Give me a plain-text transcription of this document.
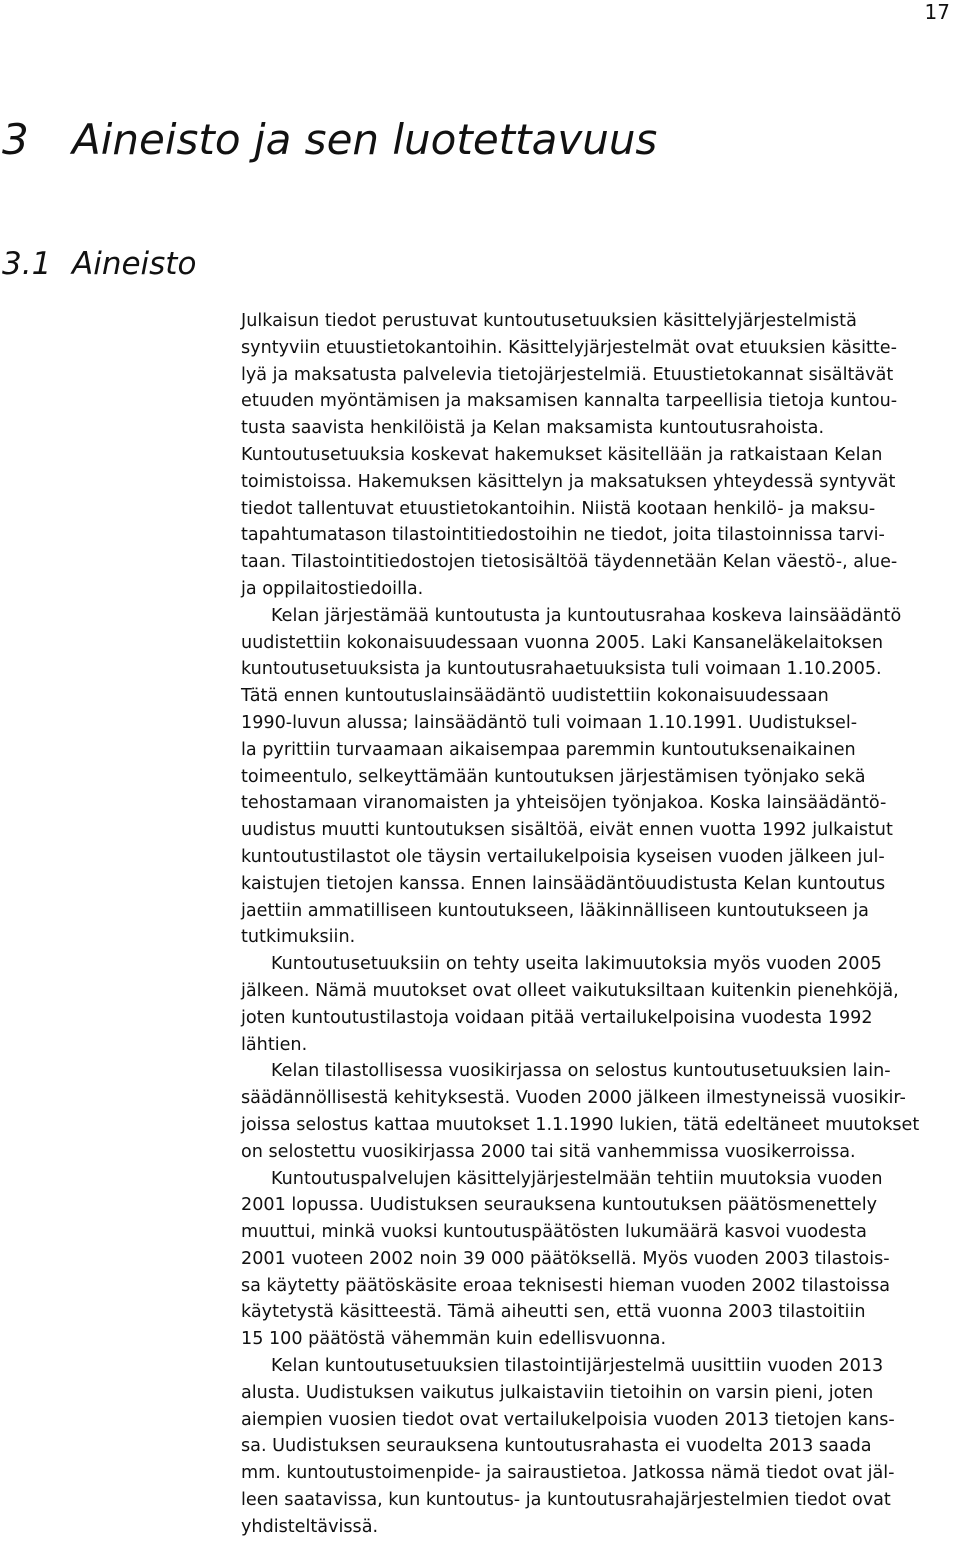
17
3 Aineisto ja sen luotettavuus
3.1 Aineisto

Julkaisun tiedot perustuvat kuntoutusetuuksien käsittelyjärjestelmistä
syntyviin etuustietokantoihin. Käsittelyjärjestelmät ovat etuuksien käsitte-
lyä ja maksatusta palvelevia tietojärjestelmiä. Etuustietokannat sisältävät
etuuden myöntämisen ja maksamisen kannalta tarpeellisia tietoja kuntou-
tusta saavista henkilöistä ja Kelan maksamista kuntoutusrahoista.
Kuntoutusetuuksia koskevat hakemukset käsitellään ja ratkaistaan Kelan
toimistoissa. Hakemuksen käsittelyn ja maksatuksen yhteydessä syntyvät
tiedot tallentuvat etuustietokantoihin. Niistä kootaan henkilö- ja maksu-
tapahtumatason tilastointitiedostoihin ne tiedot, joita tilastoinnissa tarvi-
taan. Tilastointitiedostojen tietosisältöä täydennetään Kelan väestö-, alue-
ja oppilaitostiedoilla.

Kelan järjestämää kuntoutusta ja kuntoutusrahaa koskeva lainsäädäntö
uudistettiin kokonaisuudessaan vuonna 2005. Laki Kansaneläkelaitoksen
kuntoutusetuuksista ja kuntoutusrahaetuuksista tuli voimaan 1.10.2005.
Tätä ennen kuntoutuslainsäädäntö uudistettiin kokonaisuudessaan
1990-luvun alussa; lainsäädäntö tuli voimaan 1.10.1991. Uudistuksel-
la pyrittiin turvaamaan aikaisempaa paremmin kuntoutuksenaikainen
toimeentulo, selkeyttämään kuntoutuksen järjestämisen työnjako sekä
tehostamaan viranomaisten ja yhteisöjen työnjakoa. Koska lainsäädäntö-
uudistus muutti kuntoutuksen sisältöä, eivät ennen vuotta 1992 julkaistut
kuntoutustilastot ole täysin vertailukelpoisia kyseisen vuoden jälkeen jul-
kaistujen tietojen kanssa. Ennen lainsäädäntöuudistusta Kelan kuntoutus
jaettiin ammatilliseen kuntoutukseen, lääkinnälliseen kuntoutukseen ja
tutkimuksiin.

Kuntoutusetuuksiin on tehty useita lakimuutoksia myös vuoden 2005
jälkeen. Nämä muutokset ovat olleet vaikutuksiltaan kuitenkin pienehköjä,
joten kuntoutustilastoja voidaan pitää vertailukelpoisina vuodesta 1992
lähtien.

Kelan tilastollisessa vuosikirjassa on selostus kuntoutusetuuksien lain-
säädännöllisestä kehityksestä. Vuoden 2000 jälkeen ilmestyneissä vuosikir-
joissa selostus kattaa muutokset 1.1.1990 lukien, tätä edeltäneet muutokset
on selostettu vuosikirjassa 2000 tai sitä vanhemmissa vuosikerroissa.

Kuntoutuspalvelujen käsittelyjärjestelmään tehtiin muutoksia vuoden
2001 lopussa. Uudistuksen seurauksena kuntoutuksen päätösmenettely
muuttui, minkä vuoksi kuntoutuspäätösten lukumäärä kasvoi vuodesta
2001 vuoteen 2002 noin 39 000 päätöksellä. Myös vuoden 2003 tilastois-
sa käytetty päätöskäsite eroaa teknisesti hieman vuoden 2002 tilastoissa
käytetystä käsitteestä. Tämä aiheutti sen, että vuonna 2003 tilastoitiin
15 100 päätöstä vähemmän kuin edellisvuonna.

Kelan kuntoutusetuuksien tilastointijärjestelmä uusittiin vuoden 2013
alusta. Uudistuksen vaikutus julkaistaviin tietoihin on varsin pieni, joten
aiempien vuosien tiedot ovat vertailukelpoisia vuoden 2013 tietojen kans-
sa. Uudistuksen seurauksena kuntoutusrahasta ei vuodelta 2013 saada
mm. kuntoutustoimenpide- ja sairaustietoa. Jatkossa nämä tiedot ovat jäl-
leen saatavissa, kun kuntoutus- ja kuntoutusrahajärjestelmien tiedot ovat
yhdisteltävissä.
